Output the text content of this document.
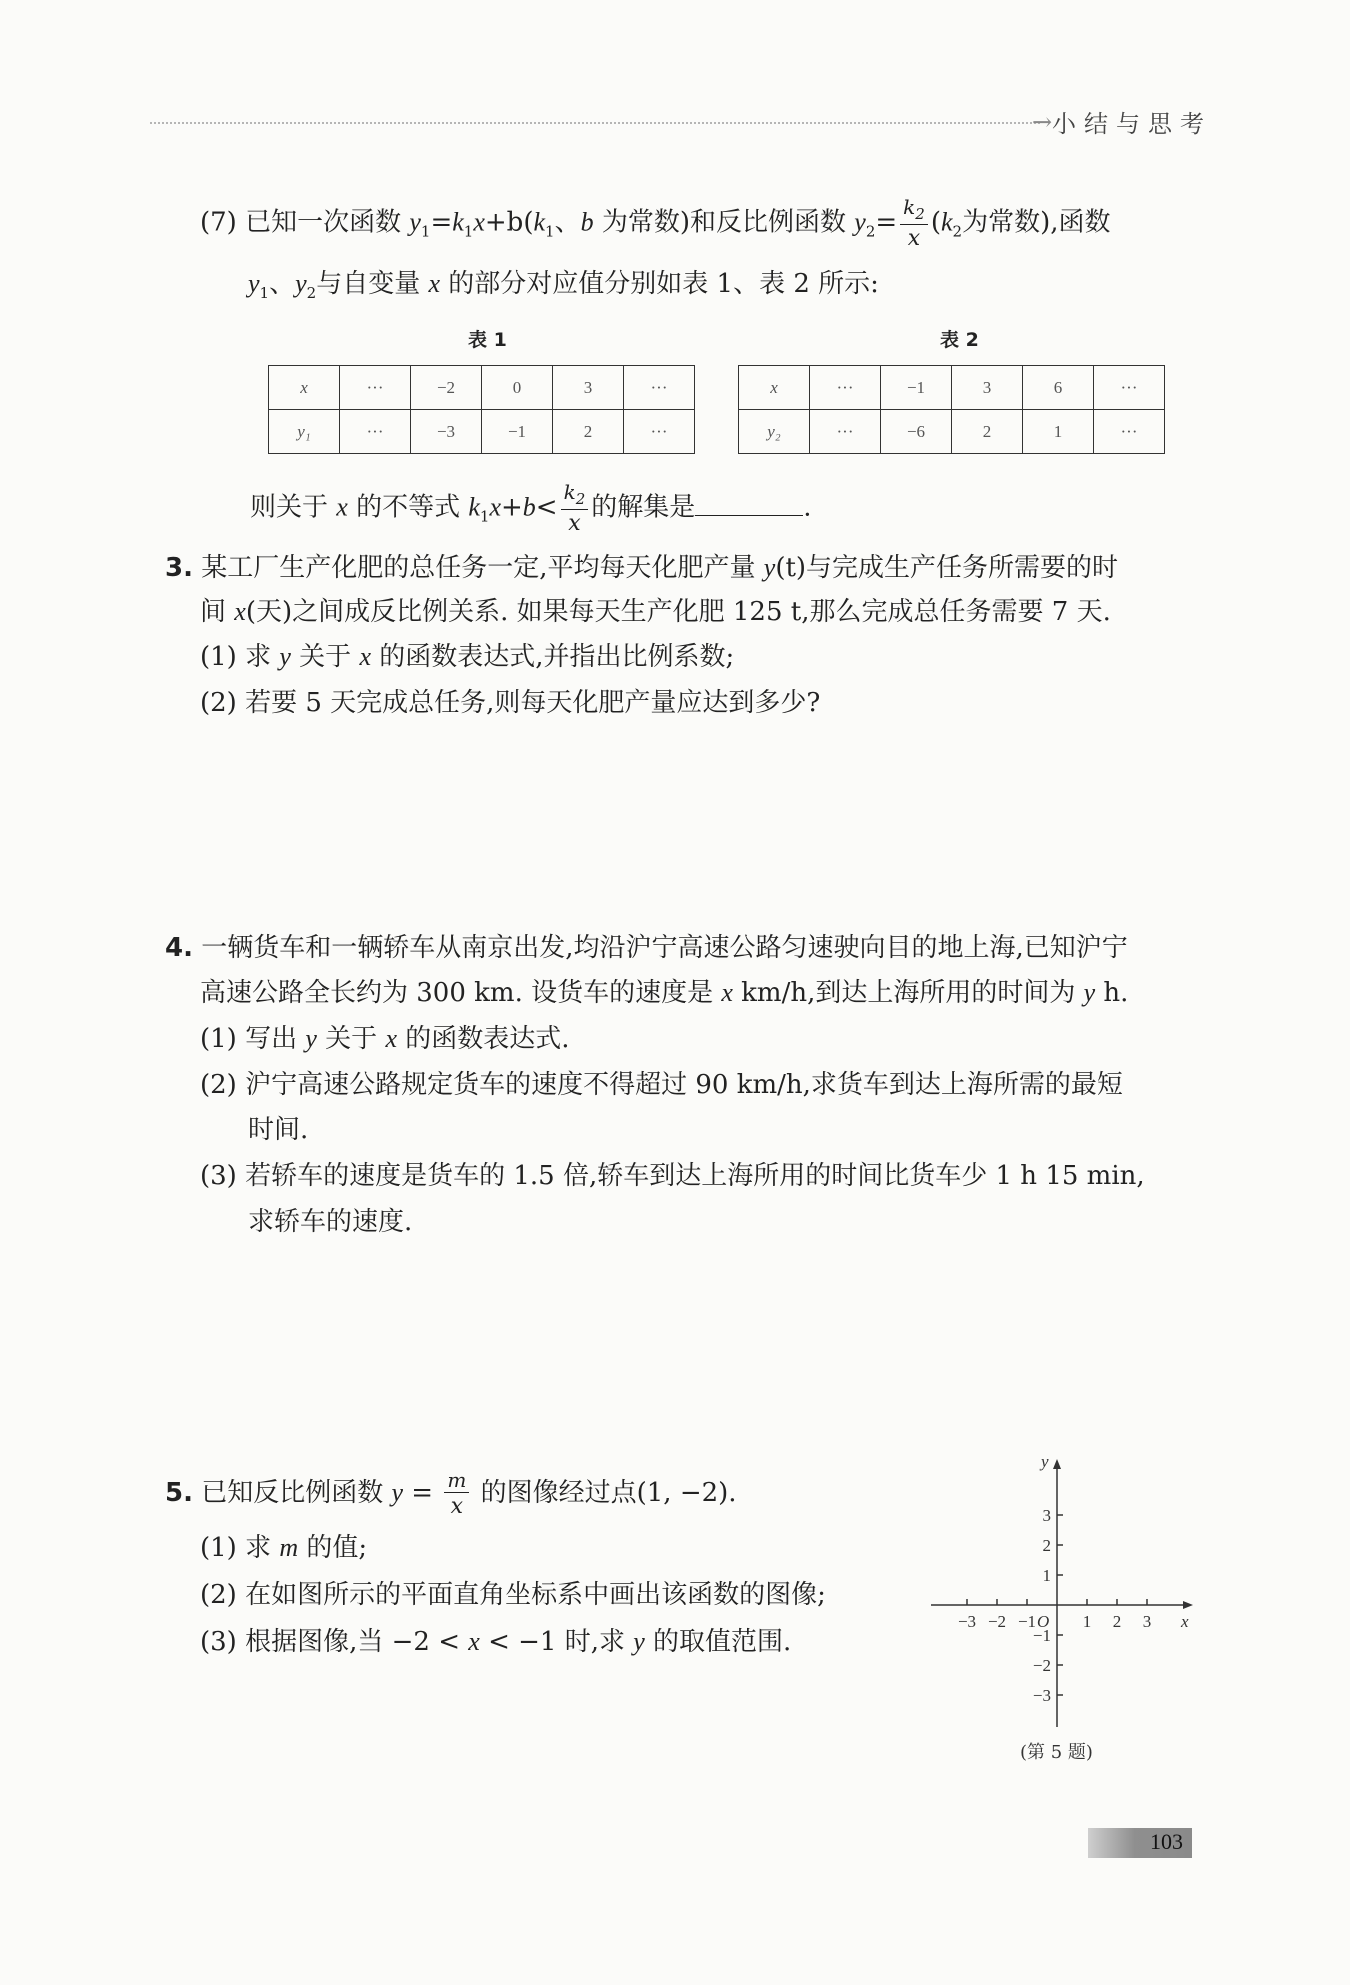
→ 小结与思考
(7) 已知一次函数 $y_1=k_1x+b(k_1$、b 为常数)和反比例函数 $y_2= \frac{k_2}{x} (k_2$为常数),函数
$y_1$、$y_2$与自变量 x 的部分对应值分别如表 1、表 2 所示:
表 1
x	···	−2	0	3	···
y₁	···	−3	−1	2	···
表 2
x	···	−1	3	6	···
y₂	···	−6	2	1	···
则关于 x 的不等式 $k_1x+b< \frac{k_2}{x}$ 的解集是	.
3. 某工厂生产化肥的总任务一定,平均每天化肥产量 y(t)与完成生产任务所需要的时
间 x(天)之间成反比例关系. 如果每天生产化肥 125 t,那么完成总任务需要 7 天.
(1) 求 y 关于 x 的函数表达式,并指出比例系数;
(2) 若要 5 天完成总任务,则每天化肥产量应达到多少?
4. 一辆货车和一辆轿车从南京出发,均沿沪宁高速公路匀速驶向目的地上海,已知沪宁
高速公路全长约为 300 km. 设货车的速度是 x km/h,到达上海所用的时间为 y h.
(1) 写出 y 关于 x 的函数表达式.
(2) 沪宁高速公路规定货车的速度不得超过 90 km/h,求货车到达上海所需的最短
时间.
(3) 若轿车的速度是货车的 1.5 倍,轿车到达上海所用的时间比货车少 1 h 15 min,
求轿车的速度.
5. 已知反比例函数 $y = \frac{m}{x}$ 的图像经过点(1, −2).
(1) 求 m 的值;
(2) 在如图所示的平面直角坐标系中画出该函数的图像;
(3) 根据图像,当 −2 < x < −1 时,求 y 的取值范围.
−3 −2 −1	1 2 3
3
2
1
−1
−2
−3
O	x
y
(第 5 题)
103
